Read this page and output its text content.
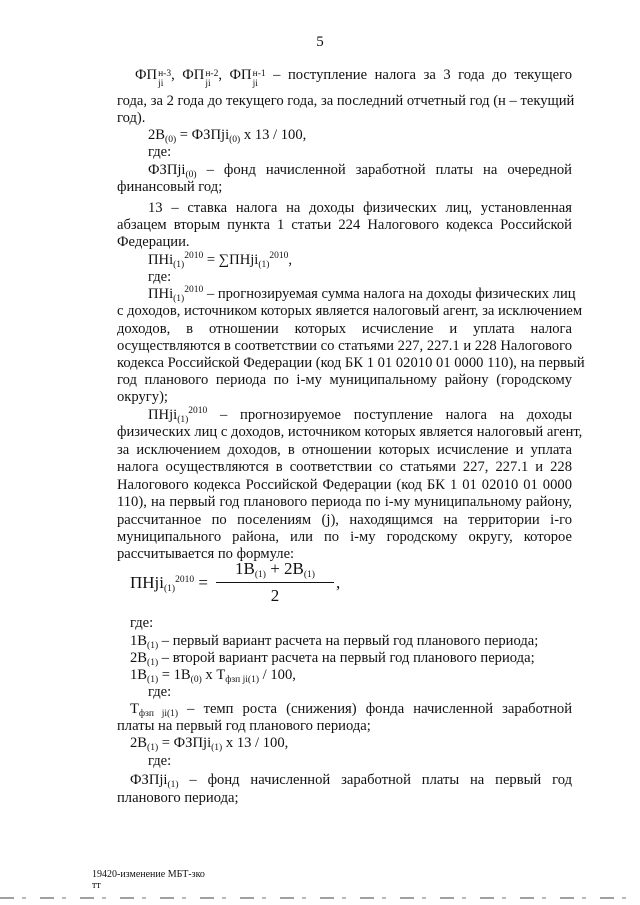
5
ФП н-3
ji
, ФП н-2
ji
, ФП н-1
ji
– поступление налога за 3 года до текущего
года, за 2 года до текущего года, за последний отчетный год (н – текущий
год).
$2В_{(0)}$ = ФЗПji$_{(0)}$ х 13 / 100,
где:
ФЗПji$_{(0)}$ – фонд начисленной заработной платы на очередной
финансовый год;
13 – ставка налога на доходы физических лиц, установленная
абзацем вторым пункта 1 статьи 224 Налогового кодекса Российской
Федерации.
ПНi$_{(1)}^{2010}$ = ∑ПНji$_{(1)}^{2010}$,
где:
ПНi$_{(1)}^{2010}$ – прогнозируемая сумма налога на доходы физических лиц
с доходов, источником которых является налоговый агент, за исключением
доходов, в отношении которых исчисление и уплата налога
осуществляются в соответствии со статьями 227, 227.1 и 228 Налогового
кодекса Российской Федерации (код БК 1 01 02010 01 0000 110), на первый
год планового периода по i-му муниципальному району (городскому
округу);
ПНji$_{(1)}^{2010}$ – прогнозируемое поступление налога на доходы
физических лиц с доходов, источником которых является налоговый агент,
за исключением доходов, в отношении которых исчисление и уплата
налога осуществляются в соответствии со статьями 227, 227.1 и 228
Налогового кодекса Российской Федерации (код БК 1 01 02010 01 0000
110), на первый год планового периода по i-му муниципальному району,
рассчитанное по поселениям (j), находящимся на территории i-го
муниципального района, или по i-му городскому округу, которое
рассчитывается по формуле:
ПНji$_{(1)}^{2010}$ =
$1В_{(1)} + 2В_{(1)}$
2
,
где:
$1В_{(1)}$ – первый вариант расчета на первый год планового периода;
$2В_{(1)}$ – второй вариант расчета на первый год планового периода;
$1В_{(1)} = 1В_{(0)}$ х $Т_{фзп ji(1)} / 100$,
где:
$Т_{фзп ji(1)}$ – темп роста (снижения) фонда начисленной заработной
платы на первый год планового периода;
$2В_{(1)}$ = ФЗПji$_{(1)}$ х 13 / 100,
где:
ФЗПji$_{(1)}$ – фонд начисленной заработной платы на первый год
планового периода;
19420-изменение МБТ-зко
тт
